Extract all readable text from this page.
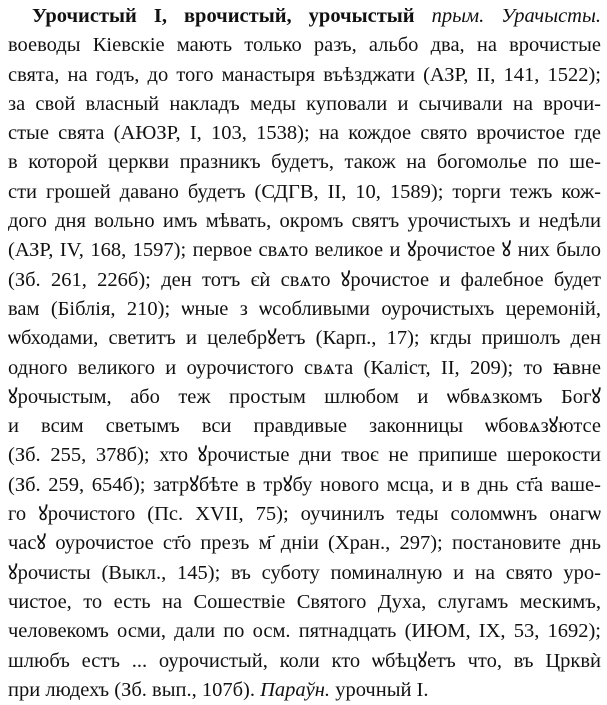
Урочистый І, врочистый, урочыстый прым. Урачысты.
воеводы Кіевскіе мають только разъ, альбо два, на врочистые
свята, на годъ, до того манастыря въѣзджати (АЗР, ІІ, 141, 1522);
за свой власный накладъ меды куповали и сычивали на врочи-
стые свята (АЮЗР, І, 103, 1538); на кождое свято врочистое где
в которой церкви празникъ будетъ, також на богомолье по ше-
сти грошей давано будетъ (СДГВ, ІІ, 10, 1589); торги тежъ кож-
дого дня вольно имъ мѣвать, окромъ святъ урочистыхъ и недѣли
(АЗР, IV, 168, 1597); первое свѧто великое и ꙋрочистое ꙋ них было
(Зб. 261, 226б); ден тотъ єѝ свѧто ꙋрочистое и фалебное будет
вам (Біблія, 210); ѡные з ѡсобливыми оурочистыхъ церемоній,
ѡбходами, светитъ и целебрꙋетъ (Карп., 17); кгды пришолъ ден
одного великого и оурочистого свѧта (Каліст, ІІ, 209); то ꙗвне
ꙋрочыстым, або теж простым шлюбом и ѡбвѧзкомъ Богꙋ
и всим светымъ вси правдивые законницы ѡбовѧзꙋютсе
(Зб. 255, 378б); хто ꙋрочистые дни твоє не припише шерокости
(Зб. 259, 654б); затрꙋбѣте в трꙋбу нового мсца, и в днь ст҃а ваше-
го ꙋрочистого (Пс. XVII, 75); оучинилъ теды соломѡнъ онагѡ
часꙋ оурочистое ст҃о презъ м҃ дніи (Хран., 297); постановите днь
ꙋрочисты (Выкл., 145); въ суботу поминалную и на свято уро-
чистое, то есть на Сошествіе Святого Духа, слугамъ мескимъ,
человекомъ осми, дали по осм. пятнадцать (ИЮМ, IX, 53, 1692);
шлюбъ естъ ... оурочистый, коли кто ѡбѣцꙋетъ что, въ Црквѝ
при людехъ (Зб. вып., 107б). Параўн. урочный І.
